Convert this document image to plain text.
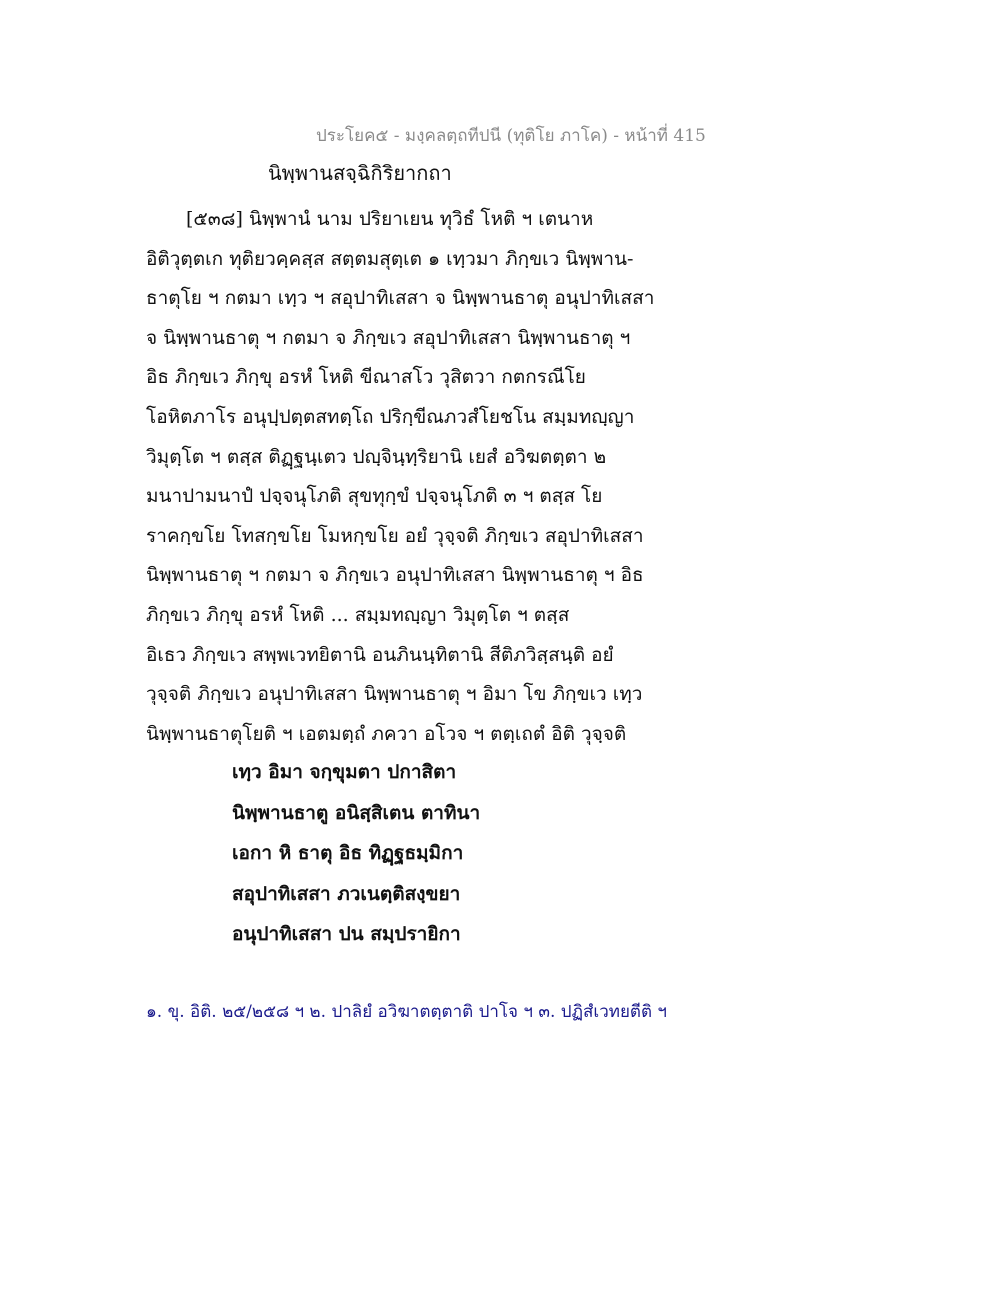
ประโยค๕ - มงฺคลตฺถทีปนี (ทุติโย ภาโค) - หน้าที่ 415
นิพฺพานสจฺฉิกิริยากถา
[๕๓๘] นิพฺพานํ นาม ปริยาเยน ทุวิธํ โหติ ฯ เตนาห
อิติวุตฺตเก ทุติยวคฺคสฺส สตฺตมสุตฺเต ๑ เทฺวมา ภิกฺขเว นิพฺพาน-
ธาตุโย ฯ กตมา เทฺว ฯ สอุปาทิเสสา จ นิพฺพานธาตุ อนุปาทิเสสา
จ นิพฺพานธาตุ ฯ กตมา จ ภิกฺขเว สอุปาทิเสสา นิพฺพานธาตุ ฯ
อิธ ภิกฺขเว ภิกฺขุ อรหํ โหติ ขีณาสโว วุสิตวา กตกรณีโย
โอหิตภาโร อนุปฺปตฺตสทตฺโถ ปริกฺขีณภวสํโยชโน สมฺมทญฺญา
วิมุตฺโต ฯ ตสฺส ติฏฺฐนฺเตว ปญฺจินฺทฺริยานิ เยสํ อวิฆตตฺตา ๒
มนาปามนาปํ ปจฺจนุโภติ สุขทุกฺขํ ปจฺจนุโภติ ๓ ฯ ตสฺส โย
ราคกฺขโย โทสกฺขโย โมหกฺขโย อยํ วุจฺจติ ภิกฺขเว สอุปาทิเสสา
นิพฺพานธาตุ ฯ กตมา จ ภิกฺขเว อนุปาทิเสสา นิพฺพานธาตุ ฯ อิธ
ภิกฺขเว ภิกฺขุ อรหํ โหติ ... สมฺมทญฺญา วิมุตฺโต ฯ ตสฺส
อิเธว ภิกฺขเว สพฺพเวทยิตานิ อนภินนฺทิตานิ สีติภวิสฺสนฺติ อยํ
วุจฺจติ ภิกฺขเว อนุปาทิเสสา นิพฺพานธาตุ ฯ อิมา โข ภิกฺขเว เทฺว
นิพฺพานธาตุโยติ ฯ เอตมตฺถํ ภควา อโวจ ฯ ตตฺเถตํ อิติ วุจฺจติ
เทฺว อิมา จกฺขุมตา ปกาสิตา
นิพฺพานธาตู อนิสฺสิเตน ตาทินา
เอกา หิ ธาตุ อิธ ทิฏฺฐธมฺมิกา
สอุปาทิเสสา ภวเนตฺติสงฺขยา
อนุปาทิเสสา ปน สมฺปรายิกา
๑. ขุ. อิติ. ๒๕/๒๕๘ ฯ ๒. ปาลิยํ อวิฆาตตฺตาติ ปาโจ ฯ ๓. ปฏิสํเวทยตีติ ฯ
